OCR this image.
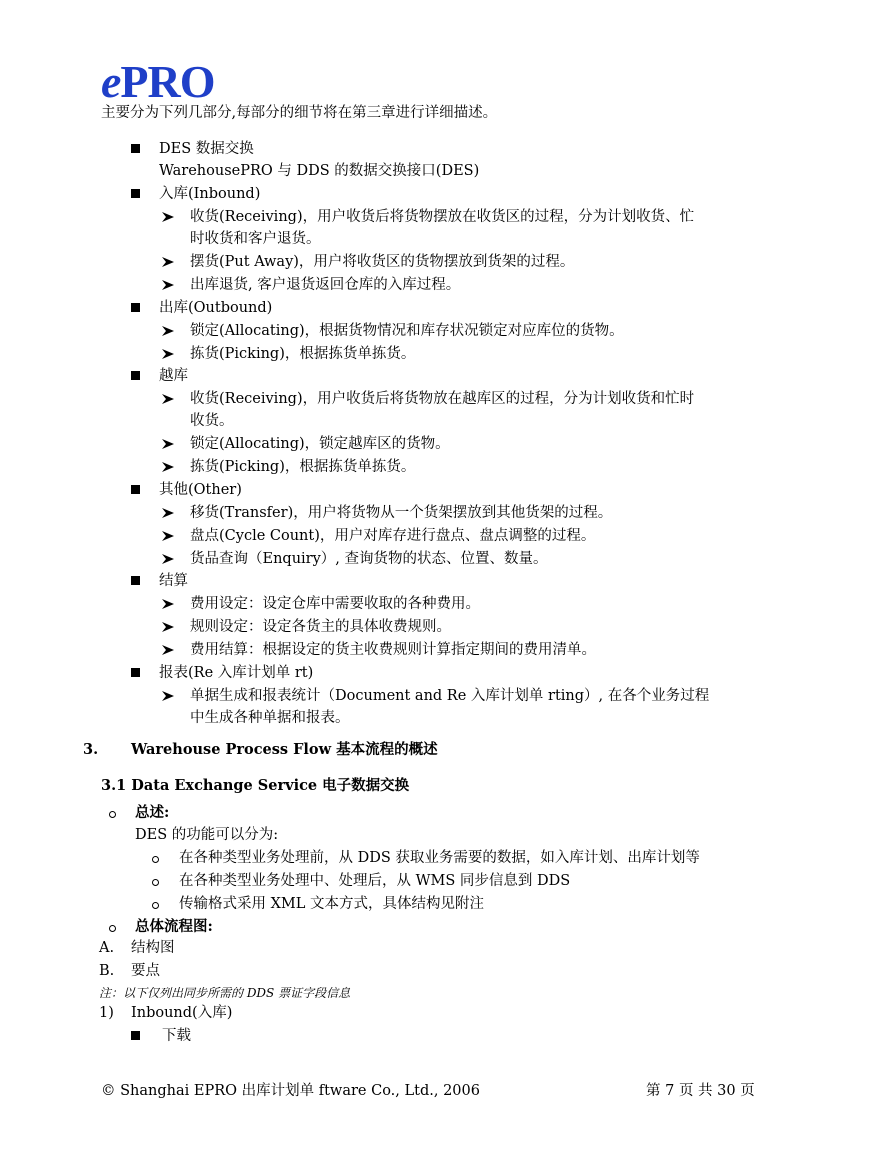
ePRO
主要分为下列几部分,每部分的细节将在第三章进行详细描述。
DES 数据交换
WarehousePRO 与 DDS 的数据交换接口(DES)
入库(Inbound)
收货(Receiving)，用户收货后将货物摆放在收货区的过程，分为计划收货、忙
时收货和客户退货。
摆货(Put Away)，用户将收货区的货物摆放到货架的过程。
出库退货, 客户退货返回仓库的入库过程。
出库(Outbound)
锁定(Allocating)，根据货物情况和库存状况锁定对应库位的货物。
拣货(Picking)，根据拣货单拣货。
越库
收货(Receiving)，用户收货后将货物放在越库区的过程，分为计划收货和忙时
收货。
锁定(Allocating)，锁定越库区的货物。
拣货(Picking)，根据拣货单拣货。
其他(Other)
移货(Transfer)，用户将货物从一个货架摆放到其他货架的过程。
盘点(Cycle Count)，用户对库存进行盘点、盘点调整的过程。
货品查询（Enquiry）, 查询货物的状态、位置、数量。
结算
费用设定：设定仓库中需要收取的各种费用。
规则设定：设定各货主的具体收费规则。
费用结算：根据设定的货主收费规则计算指定期间的费用清单。
报表(Re 入库计划单 rt)
单据生成和报表统计（Document and Re 入库计划单 rting）, 在各个业务过程
中生成各种单据和报表。
3. Warehouse Process Flow 基本流程的概述
3.1 Data Exchange Service 电子数据交换
总述:
DES 的功能可以分为:
在各种类型业务处理前，从 DDS 获取业务需要的数据，如入库计划、出库计划等
在各种类型业务处理中、处理后，从 WMS 同步信息到 DDS
传输格式采用 XML 文本方式，具体结构见附注
总体流程图:
A. 结构图
B. 要点
注：以下仅列出同步所需的 DDS 票证字段信息
1) Inbound(入库)
下载
© Shanghai EPRO 出库计划单 ftware Co., Ltd., 2006	第 7 页 共 30 页
